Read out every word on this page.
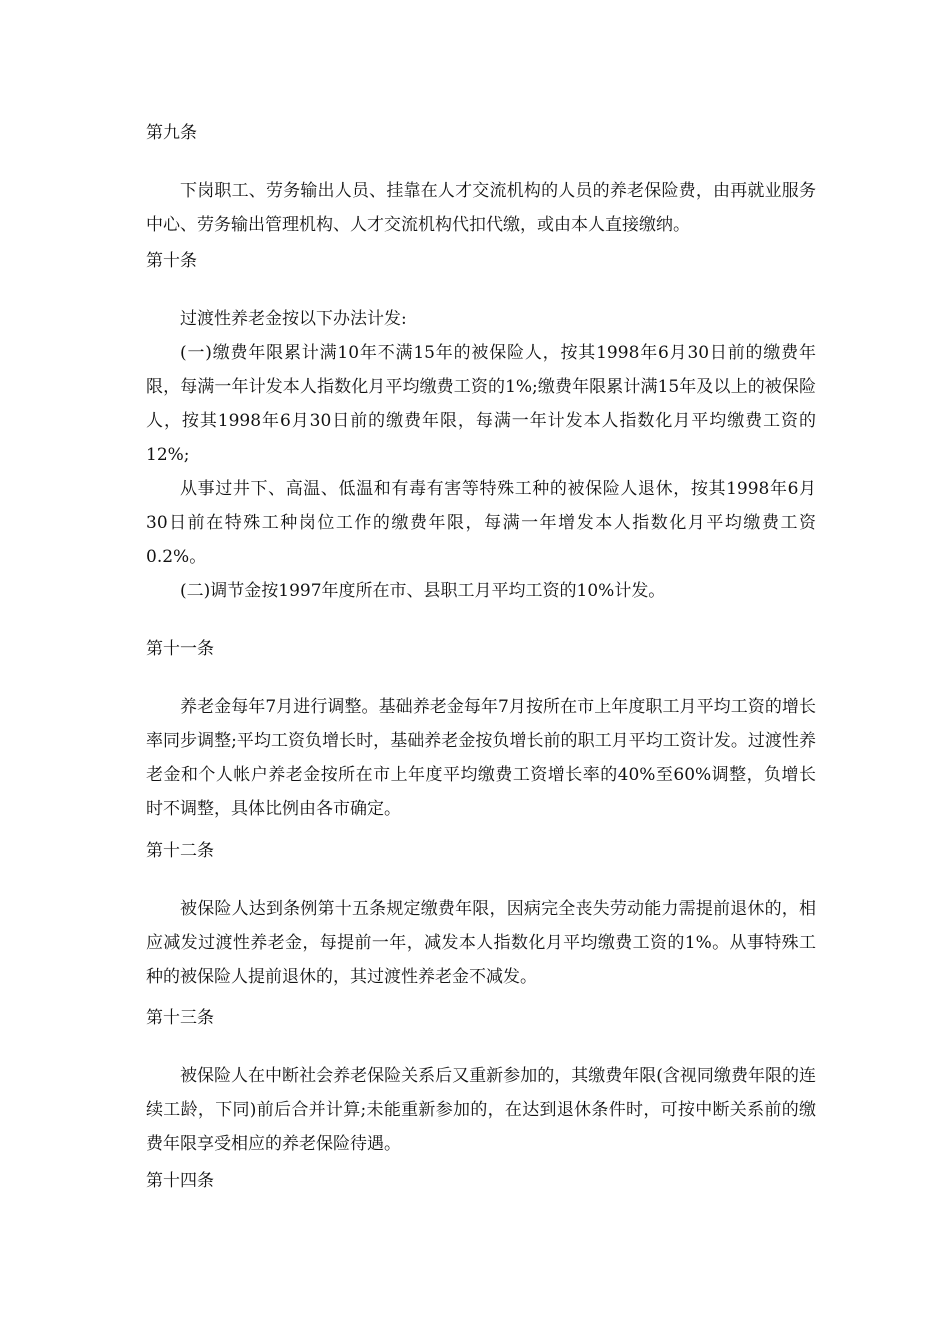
第九条

下岗职工、劳务输出人员、挂靠在人才交流机构的人员的养老保险费，由再就业服务中心、劳务输出管理机构、人才交流机构代扣代缴，或由本人直接缴纳。

第十条

过渡性养老金按以下办法计发:

(一)缴费年限累计满10年不满15年的被保险人，按其1998年6月30日前的缴费年限，每满一年计发本人指数化月平均缴费工资的1%;缴费年限累计满15年及以上的被保险人，按其1998年6月30日前的缴费年限，每满一年计发本人指数化月平均缴费工资的12%;

从事过井下、高温、低温和有毒有害等特殊工种的被保险人退休，按其1998年6月30日前在特殊工种岗位工作的缴费年限，每满一年增发本人指数化月平均缴费工资0.2%。

(二)调节金按1997年度所在市、县职工月平均工资的10%计发。

第十一条

养老金每年7月进行调整。基础养老金每年7月按所在市上年度职工月平均工资的增长率同步调整;平均工资负增长时，基础养老金按负增长前的职工月平均工资计发。过渡性养老金和个人帐户养老金按所在市上年度平均缴费工资增长率的40%至60%调整，负增长时不调整，具体比例由各市确定。

第十二条

被保险人达到条例第十五条规定缴费年限，因病完全丧失劳动能力需提前退休的，相应减发过渡性养老金，每提前一年，减发本人指数化月平均缴费工资的1%。从事特殊工种的被保险人提前退休的，其过渡性养老金不减发。

第十三条

被保险人在中断社会养老保险关系后又重新参加的，其缴费年限(含视同缴费年限的连续工龄，下同)前后合并计算;未能重新参加的，在达到退休条件时，可按中断关系前的缴费年限享受相应的养老保险待遇。

第十四条
